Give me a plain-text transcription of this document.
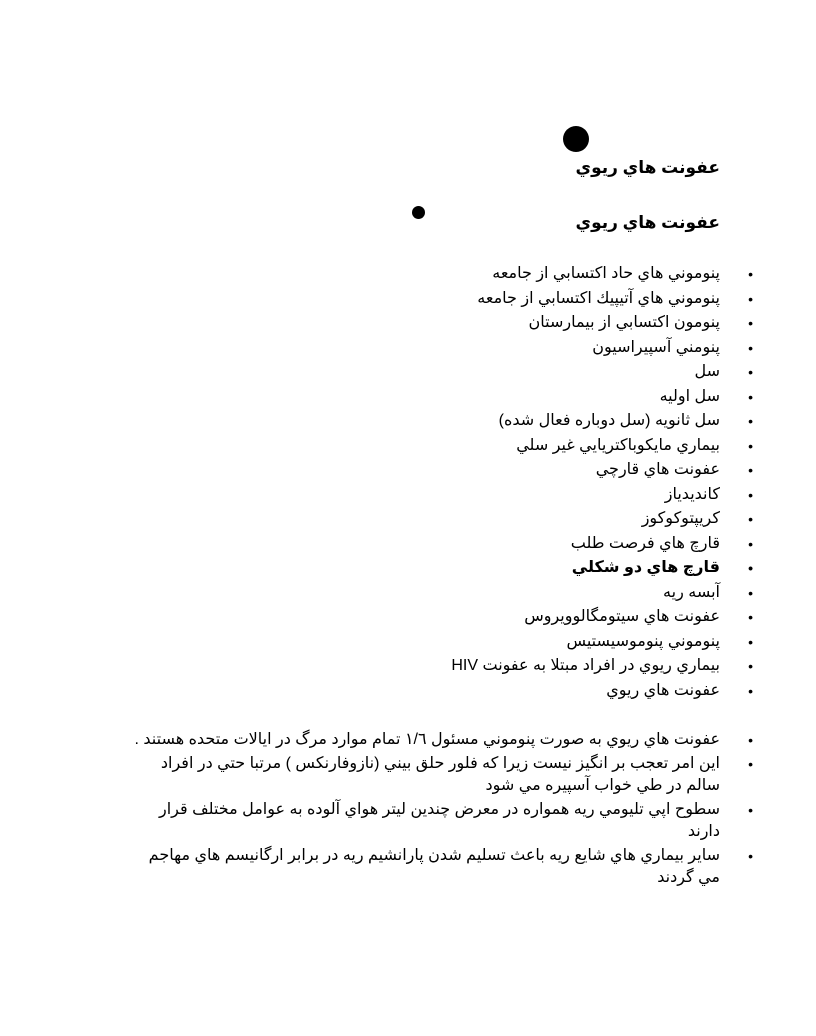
عفونت هاي ريوي
عفونت هاي ريوي
•
پنوموني هاي حاد اكتسابي از جامعه
•
پنوموني هاي آتيپيك اكتسابي از جامعه
•
پنومون اكتسابي از بيمارستان
•
پنومني آسپيراسيون
•
سل
•
سل اوليه
•
سل ثانويه (سل دوباره فعال شده)
•
بيماري مايكوباكتريايي غير سلي
•
عفونت هاي قارچي
•
كانديدياز
•
كريپتوكوكوز
•
قارچ هاي فرصت طلب
•
قارچ هاي دو شكلي
•
آبسه ريه
•
عفونت هاي سيتومگالوويروس
•
پنوموني پنوموسيستيس
•
بيماري ريوي در افراد مبتلا به عفونت HIV
•
عفونت هاي ريوي
•
عفونت هاي ريوي به صورت پنوموني مسئول ۱/٦ تمام موارد مرگ در ايالات متحده هستند .
•
اين امر تعجب بر انگيز نيست زيرا كه فلور حلق بيني (نازوفارنكس ) مرتبا حتي در افراد سالم در طي خواب آسپيره مي شود
•
سطوح اپي تليومي ريه همواره در معرض چندين ليتر هواي آلوده به عوامل مختلف قرار دارند
•
ساير بيماري هاي شايع ريه باعث تسليم شدن پارانشيم ريه در برابر ارگانيسم هاي مهاجم مي گردند
